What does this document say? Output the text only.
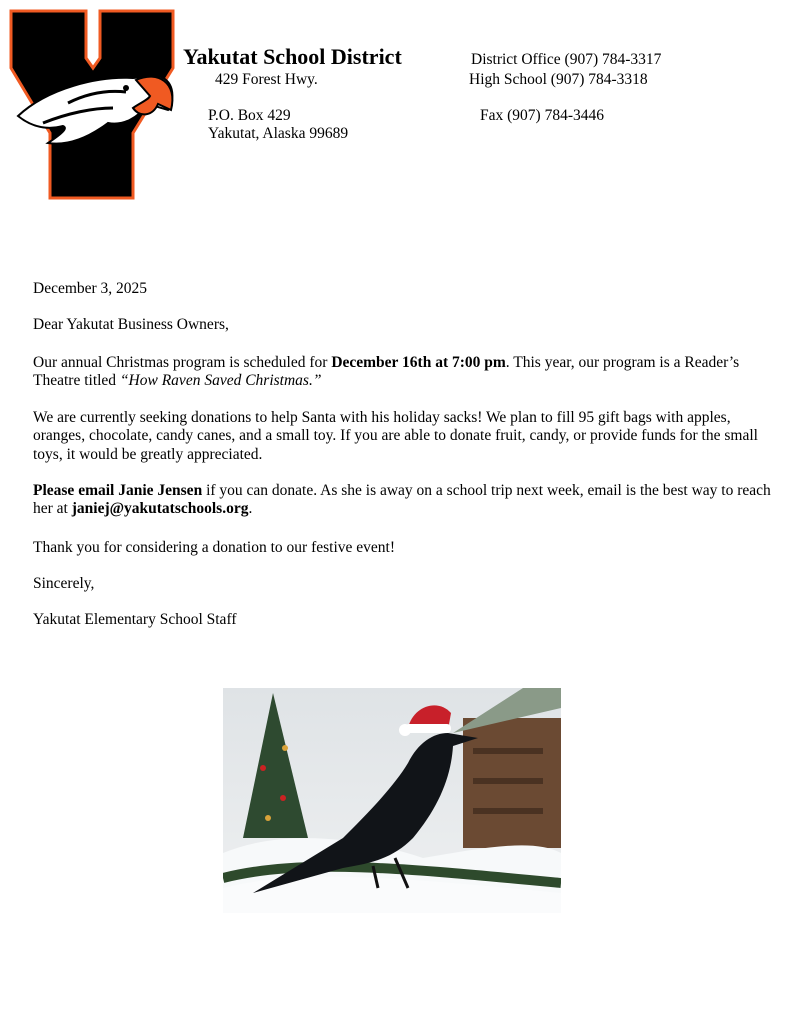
Yakutat School District
429 Forest Hwy.
P.O. Box 429
Yakutat, Alaska 99689
District Office (907) 784-3317
High School (907) 784-3318
Fax (907) 784-3446
December 3, 2025
Dear Yakutat Business Owners,
Our annual Christmas program is scheduled for December 16th at 7:00 pm. This year, our program is a Reader’s Theatre titled “How Raven Saved Christmas.”
We are currently seeking donations to help Santa with his holiday sacks! We plan to fill 95 gift bags with apples, oranges, chocolate, candy canes, and a small toy. If you are able to donate fruit, candy, or provide funds for the small toys, it would be greatly appreciated.
Please email Janie Jensen if you can donate. As she is away on a school trip next week, email is the best way to reach her at janiej@yakutatschools.org.
Thank you for considering a donation to our festive event!
Sincerely,
Yakutat Elementary School Staff
